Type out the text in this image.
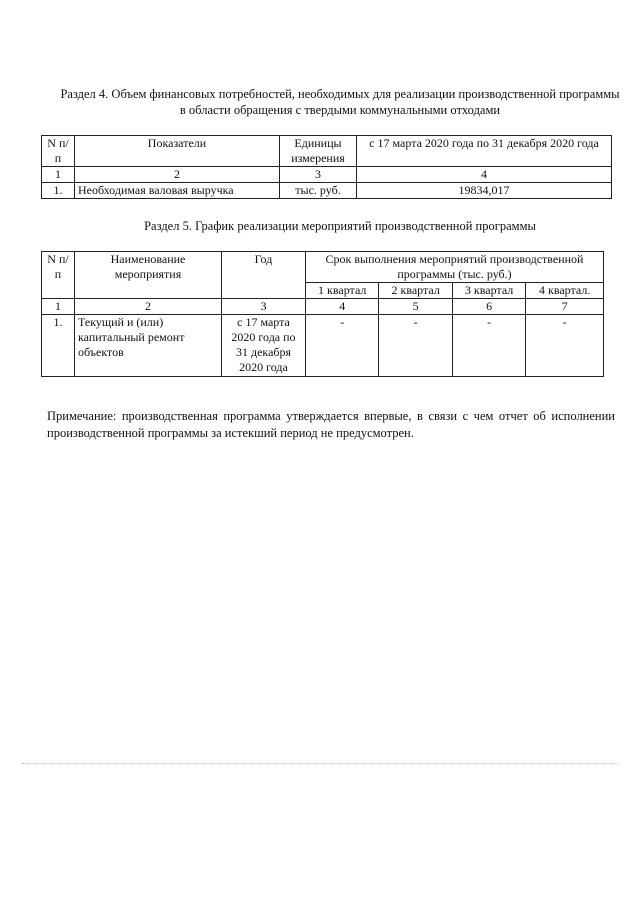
Раздел 4. Объем финансовых потребностей, необходимых для реализации производственной программы в области обращения с твердыми коммунальными отходами
N п/п	Показатели	Единицы измерения	с 17 марта 2020 года по 31 декабря 2020 года
1	2	3	4
1.	Необходимая валовая выручка	тыс. руб.	19834,017
Раздел 5. График реализации мероприятий производственной программы
N п/п	Наименование мероприятия	Год	Срок выполнения мероприятий производственной программы (тыс. руб.)			
			1 квартал	2 квартал	3 квартал	4 квартал.
1	2	3	4	5	6	7
1.	Текущий и (или) капитальный ремонт объектов	с 17 марта 2020 года по 31 декабря 2020 года	-	-	-	-
Примечание: производственная программа утверждается впервые, в связи с чем отчет об исполнении производственной программы за истекший период не предусмотрен.
